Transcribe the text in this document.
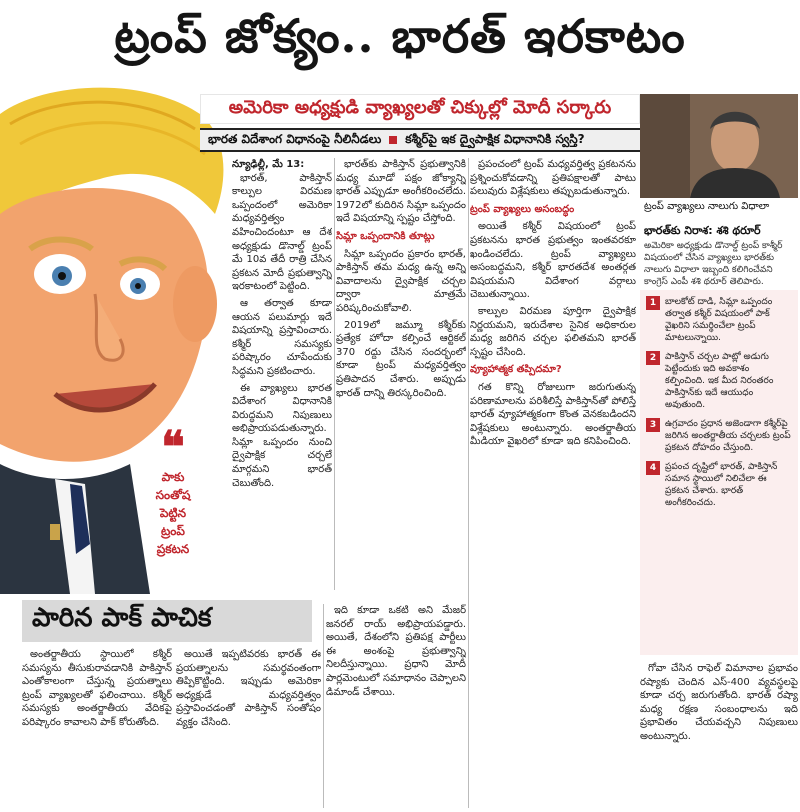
ట్రంప్ జోక్యం.. భారత్ ఇరకాటం
అమెరికా అధ్యక్షుడి వ్యాఖ్యలతో చిక్కుల్లో మోదీ సర్కారు
భారత విదేశాంగ విధానంపై నీలినీడలు కశ్మీర్‌పై ఇక ద్వైపాక్షిక విధానానికి స్వస్తి?
❝
పాకు
సంతోష
పెట్టిన
ట్రంప్
ప్రకటన
న్యూఢిల్లీ, మే 13:

భారత్, పాకిస్తాన్ కాల్పుల విరమణ ఒప్పందంలో అమెరికా మధ్యవర్తిత్వం వహించిందంటూ ఆ దేశ అధ్యక్షుడు డొనాల్డ్ ట్రంప్ మే 10వ తేదీ రాత్రి చేసిన ప్రకటన మోదీ ప్రభుత్వాన్ని ఇరకాటంలో పెట్టింది.

ఆ తర్వాత కూడా ఆయన పలుమార్లు ఇదే విషయాన్ని ప్రస్తావించారు. కశ్మీర్ సమస్యకు పరిష్కారం చూపేందుకు సిద్ధమని ప్రకటించారు.

ఈ వ్యాఖ్యలు భారత విదేశాంగ విధానానికి విరుద్ధమని నిపుణులు అభిప్రాయపడుతున్నారు. సిమ్లా ఒప్పందం నుంచి ద్వైపాక్షిక చర్చలే మార్గమని భారత్ చెబుతోంది.

భారత్‌కు పాకిస్తాన్ ప్రభుత్వానికి మధ్య మూడో పక్షం జోక్యాన్ని భారత్ ఎప్పుడూ అంగీకరించలేదు. 1972లో కుదిరిన సిమ్లా ఒప్పందం ఇదే విషయాన్ని స్పష్టం చేస్తోంది.

సిమ్లా ఒప్పందానికి తూట్లు

సిమ్లా ఒప్పందం ప్రకారం భారత్, పాకిస్తాన్ తమ మధ్య ఉన్న అన్ని వివాదాలను ద్వైపాక్షిక చర్చల ద్వారా మాత్రమే పరిష్కరించుకోవాలి.

2019లో జమ్మూ కశ్మీర్‌కు ప్రత్యేక హోదా కల్పించే ఆర్టికల్ 370 రద్దు చేసిన సందర్భంలో కూడా ట్రంప్ మధ్యవర్తిత్వం ప్రతిపాదన చేశారు. అప్పుడు భారత్ దాన్ని తిరస్కరించింది.

ప్రపంచంలో ట్రంప్ మధ్యవర్తిత్వ ప్రకటనను ప్రశ్నించుకోవడాన్ని ప్రతిపక్షాలతో పాటు పలువురు విశ్లేషకులు తప్పుబడుతున్నారు.

ట్రంప్ వ్యాఖ్యలు అసంబద్ధం

అయితే కశ్మీర్ విషయంలో ట్రంప్ ప్రకటనను భారత ప్రభుత్వం ఇంతవరకూ ఖండించలేదు. ట్రంప్ వ్యాఖ్యలు అసంబద్ధమని, కశ్మీర్ భారతదేశ అంతర్గత విషయమని విదేశాంగ వర్గాలు చెబుతున్నాయి.

కాల్పుల విరమణ పూర్తిగా ద్వైపాక్షిక నిర్ణయమని, ఇరుదేశాల సైనిక అధికారుల మధ్య జరిగిన చర్చల ఫలితమని భారత్ స్పష్టం చేసింది.

వ్యూహాత్మక తప్పిదమా?

గత కొన్ని రోజులుగా జరుగుతున్న పరిణామాలను పరిశీలిస్తే పాకిస్తాన్‌తో పోలిస్తే భారత్ వ్యూహాత్మకంగా కొంత వెనకబడిందని విశ్లేషకులు అంటున్నారు. అంతర్జాతీయ మీడియా వైఖరిలో కూడా ఇది కనిపించింది.

ట్రంప్ వ్యాఖ్యలు నాలుగు విధాలా
భారత్‌కు నిరాశ: శశి థరూర్
అమెరికా అధ్యక్షుడు డొనాల్డ్ ట్రంప్ కాశ్మీర్ విషయంలో చేసిన వ్యాఖ్యలు భారత్‌కు నాలుగు విధాలా ఇబ్బంది కలిగించేవని కాంగ్రెస్ ఎంపీ శశి థరూర్ తెలిపారు.
1 బాలకోట్ దాడి, సిమ్లా ఒప్పందం తర్వాత కశ్మీర్ విషయంలో పాక్ వైఖరిని సమర్థించేలా ట్రంప్ మాటలున్నాయి.
2 పాకిస్తాన్ చర్చల పాట్లో అడుగు పెట్టేందుకు ఇది అవకాశం కల్పించింది. ఇక మీద నిరంతరం పాకిస్తాన్‌కు ఇదే ఆయుధం అవుతుంది.
3 ఉగ్రవాదం ప్రధాన అజెండాగా కశ్మీర్‌పై జరిగిన అంతర్జాతీయ చర్చలకు ట్రంప్ ప్రకటన దోహదం చేస్తుంది.
4 ప్రపంచ దృష్టిలో భారత్, పాకిస్తాన్ సమాన స్థాయిలో నిలిచేలా ఈ ప్రకటన చేశారు. భారత్ అంగీకరించదు.
పారిన పాక్ పాచిక

అంతర్జాతీయ స్థాయిలో కశ్మీర్ సమస్యను తీసుకురావడానికి పాకిస్తాన్ ఎంతోకాలంగా చేస్తున్న ప్రయత్నాలు ట్రంప్ వ్యాఖ్యలతో ఫలించాయి. కశ్మీర్ సమస్యకు అంతర్జాతీయ వేదికపై పరిష్కారం కావాలని పాక్ కోరుతోంది.

అయితే ఇప్పటివరకు భారత్ ఈ ప్రయత్నాలను సమర్థవంతంగా తిప్పికొట్టింది. ఇప్పుడు అమెరికా అధ్యక్షుడే మధ్యవర్తిత్వం ప్రస్తావించడంతో పాకిస్తాన్ సంతోషం వ్యక్తం చేసింది.

ఇది కూడా ఒకటి అని మేజర్ జనరల్ రాయ్ అభిప్రాయపడ్డారు. అయితే, దేశంలోని ప్రతిపక్ష పార్టీలు ఈ అంశంపై ప్రభుత్వాన్ని నిలదీస్తున్నాయి. ప్రధాని మోదీ పార్లమెంటులో సమాధానం చెప్పాలని డిమాండ్ చేశాయి.

గోవా చేసిన రాఫెల్ విమానాల ప్రభావం రష్యాకు చెందిన ఎస్-400 వ్యవస్థలపై కూడా చర్చ జరుగుతోంది. భారత్ రష్యా మధ్య రక్షణ సంబంధాలను ఇది ప్రభావితం చేయవచ్చని నిపుణులు అంటున్నారు.
